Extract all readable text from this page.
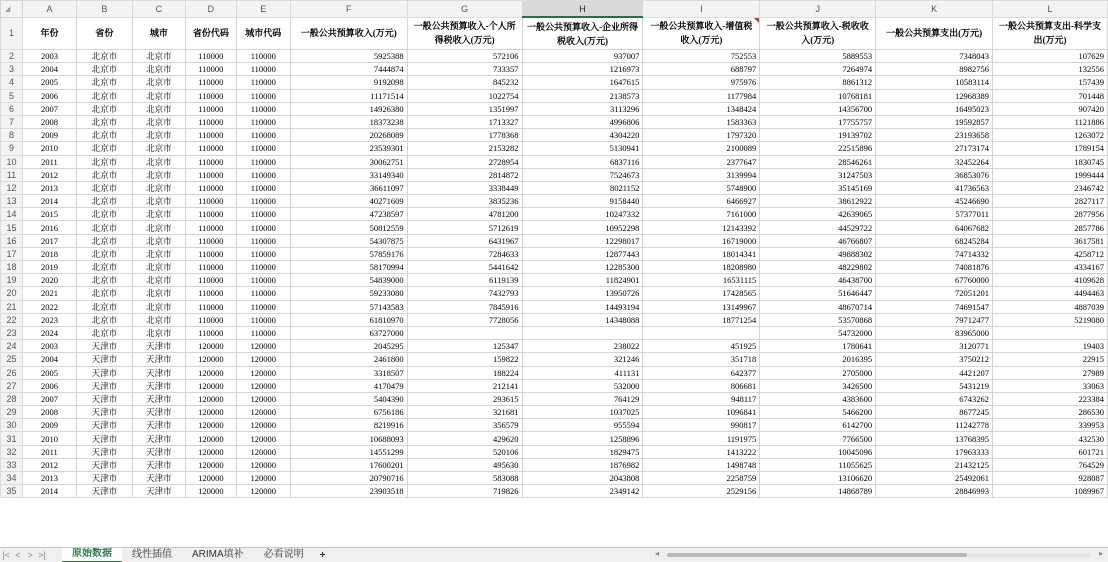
◢	A	B	C	D	E	F	G	H	I	J	K	L
1	年份	省份	城市	省份代码	城市代码	一般公共预算收入(万元)	一般公共预算收入-个人所得税收入(万元)	一般公共预算收入-企业所得税收入(万元)	一般公共预算收入-增值税收入(万元)	一般公共预算收入-税收收入(万元)	一般公共预算支出(万元)	一般公共预算支出-科学支出(万元)
2	2003	北京市	北京市	110000	110000	5925388	572106	937007	752553	5889553	7348043	107629
3	2004	北京市	北京市	110000	110000	7444874	733357	1216973	688797	7264974	8982756	132556
4	2005	北京市	北京市	110000	110000	9192098	845232	1647615	975976	8861312	10583114	157439
5	2006	北京市	北京市	110000	110000	11171514	1022754	2138573	1177984	10768181	12968389	701448
6	2007	北京市	北京市	110000	110000	14926380	1351997	3113296	1348424	14356700	16495023	907420
7	2008	北京市	北京市	110000	110000	18373238	1713327	4996806	1583363	17755757	19592857	1121886
8	2009	北京市	北京市	110000	110000	20268089	1778368	4304220	1797320	19139702	23193658	1263072
9	2010	北京市	北京市	110000	110000	23539301	2153282	5130941	2100089	22515896	27173174	1789154
10	2011	北京市	北京市	110000	110000	30062751	2728954	6837116	2377647	28546261	32452264	1830745
11	2012	北京市	北京市	110000	110000	33149340	2814872	7524673	3139994	31247503	36853076	1999444
12	2013	北京市	北京市	110000	110000	36611097	3338449	8021152	5748900	35145169	41736563	2346742
13	2014	北京市	北京市	110000	110000	40271609	3835236	9158440	6466927	38612922	45246690	2827117
14	2015	北京市	北京市	110000	110000	47238597	4781200	10247332	7161000	42639065	57377011	2877956
15	2016	北京市	北京市	110000	110000	50812559	5712619	10952298	12143392	44529722	64067682	2857786
16	2017	北京市	北京市	110000	110000	54307875	6431967	12298017	16719000	46766807	68245284	3617581
17	2018	北京市	北京市	110000	110000	57859176	7284633	12877443	18014341	49888302	74714332	4258712
18	2019	北京市	北京市	110000	110000	58170994	5441642	12285300	18208980	48229802	74081876	4334167
19	2020	北京市	北京市	110000	110000	54839000	6119139	11824901	16531115	46438700	67760000	4109628
20	2021	北京市	北京市	110000	110000	59233080	7432793	13950726	17428565	51646447	72051201	4494463
21	2022	北京市	北京市	110000	110000	57143583	7845916	14493194	13149967	48670714	74691547	4887039
22	2023	北京市	北京市	110000	110000	61810970	7728056	14348088	18771254	53570868	79712477	5219080
23	2024	北京市	北京市	110000	110000	63727000				54732000	83965000	
24	2003	天津市	天津市	120000	120000	2045295	125347	238022	451925	1780641	3120771	19403
25	2004	天津市	天津市	120000	120000	2461800	159822	321246	351718	2016395	3750212	22915
26	2005	天津市	天津市	120000	120000	3318507	188224	411131	642377	2705000	4421207	27989
27	2006	天津市	天津市	120000	120000	4170479	212141	532000	806681	3426500	5431219	33063
28	2007	天津市	天津市	120000	120000	5404390	293615	764129	948117	4383600	6743262	223384
29	2008	天津市	天津市	120000	120000	6756186	321681	1037025	1096841	5466200	8677245	286530
30	2009	天津市	天津市	120000	120000	8219916	356579	955594	990817	6142700	11242778	339953
31	2010	天津市	天津市	120000	120000	10688093	429620	1258896	1191975	7766500	13768395	432530
32	2011	天津市	天津市	120000	120000	14551299	520106	1829475	1413222	10045096	17963333	601721
33	2012	天津市	天津市	120000	120000	17600201	495630	1876982	1498748	11055625	21432125	764529
34	2013	天津市	天津市	120000	120000	20790716	583088	2043808	2258759	13106620	25492061	928087
35	2014	天津市	天津市	120000	120000	23903518	719826	2349142	2529156	14868789	28846993	1089967
|< < > >|	原始数据	线性插值	ARIMA填补	必看说明	+	◂	▸
